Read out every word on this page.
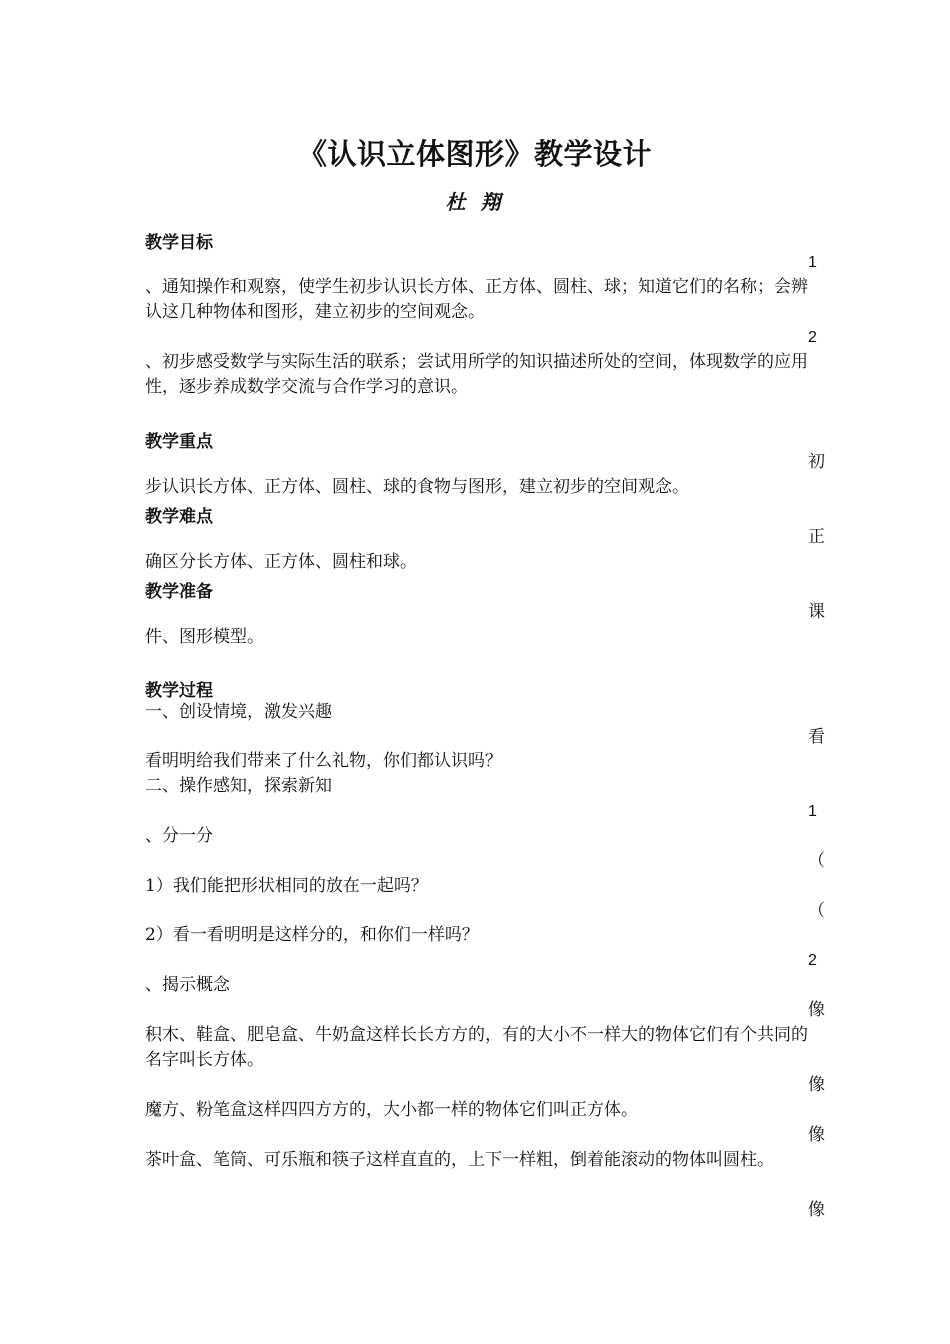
《认识立体图形》教学设计
杜 翔
教学目标
1
、通知操作和观察，使学生初步认识长方体、正方体、圆柱、球；知道它们的名称；会辨认这几种物体和图形，建立初步的空间观念。
2
、初步感受数学与实际生活的联系；尝试用所学的知识描述所处的空间，体现数学的应用性，逐步养成数学交流与合作学习的意识。
教学重点
初
步认识长方体、正方体、圆柱、球的食物与图形，建立初步的空间观念。
教学难点
正
确区分长方体、正方体、圆柱和球。
教学准备
课
件、图形模型。
教学过程
一、创设情境，激发兴趣
看
看明明给我们带来了什么礼物，你们都认识吗？
二、操作感知，探索新知
1
、分一分
（
1）我们能把形状相同的放在一起吗？
（
2）看一看明明是这样分的，和你们一样吗？
2
、揭示概念
像
积木、鞋盒、肥皂盒、牛奶盒这样长长方方的，有的大小不一样大的物体它们有个共同的名字叫长方体。
像
魔方、粉笔盒这样四四方方的，大小都一样的物体它们叫正方体。
像
茶叶盒、笔筒、可乐瓶和筷子这样直直的，上下一样粗，倒着能滚动的物体叫圆柱。
像
